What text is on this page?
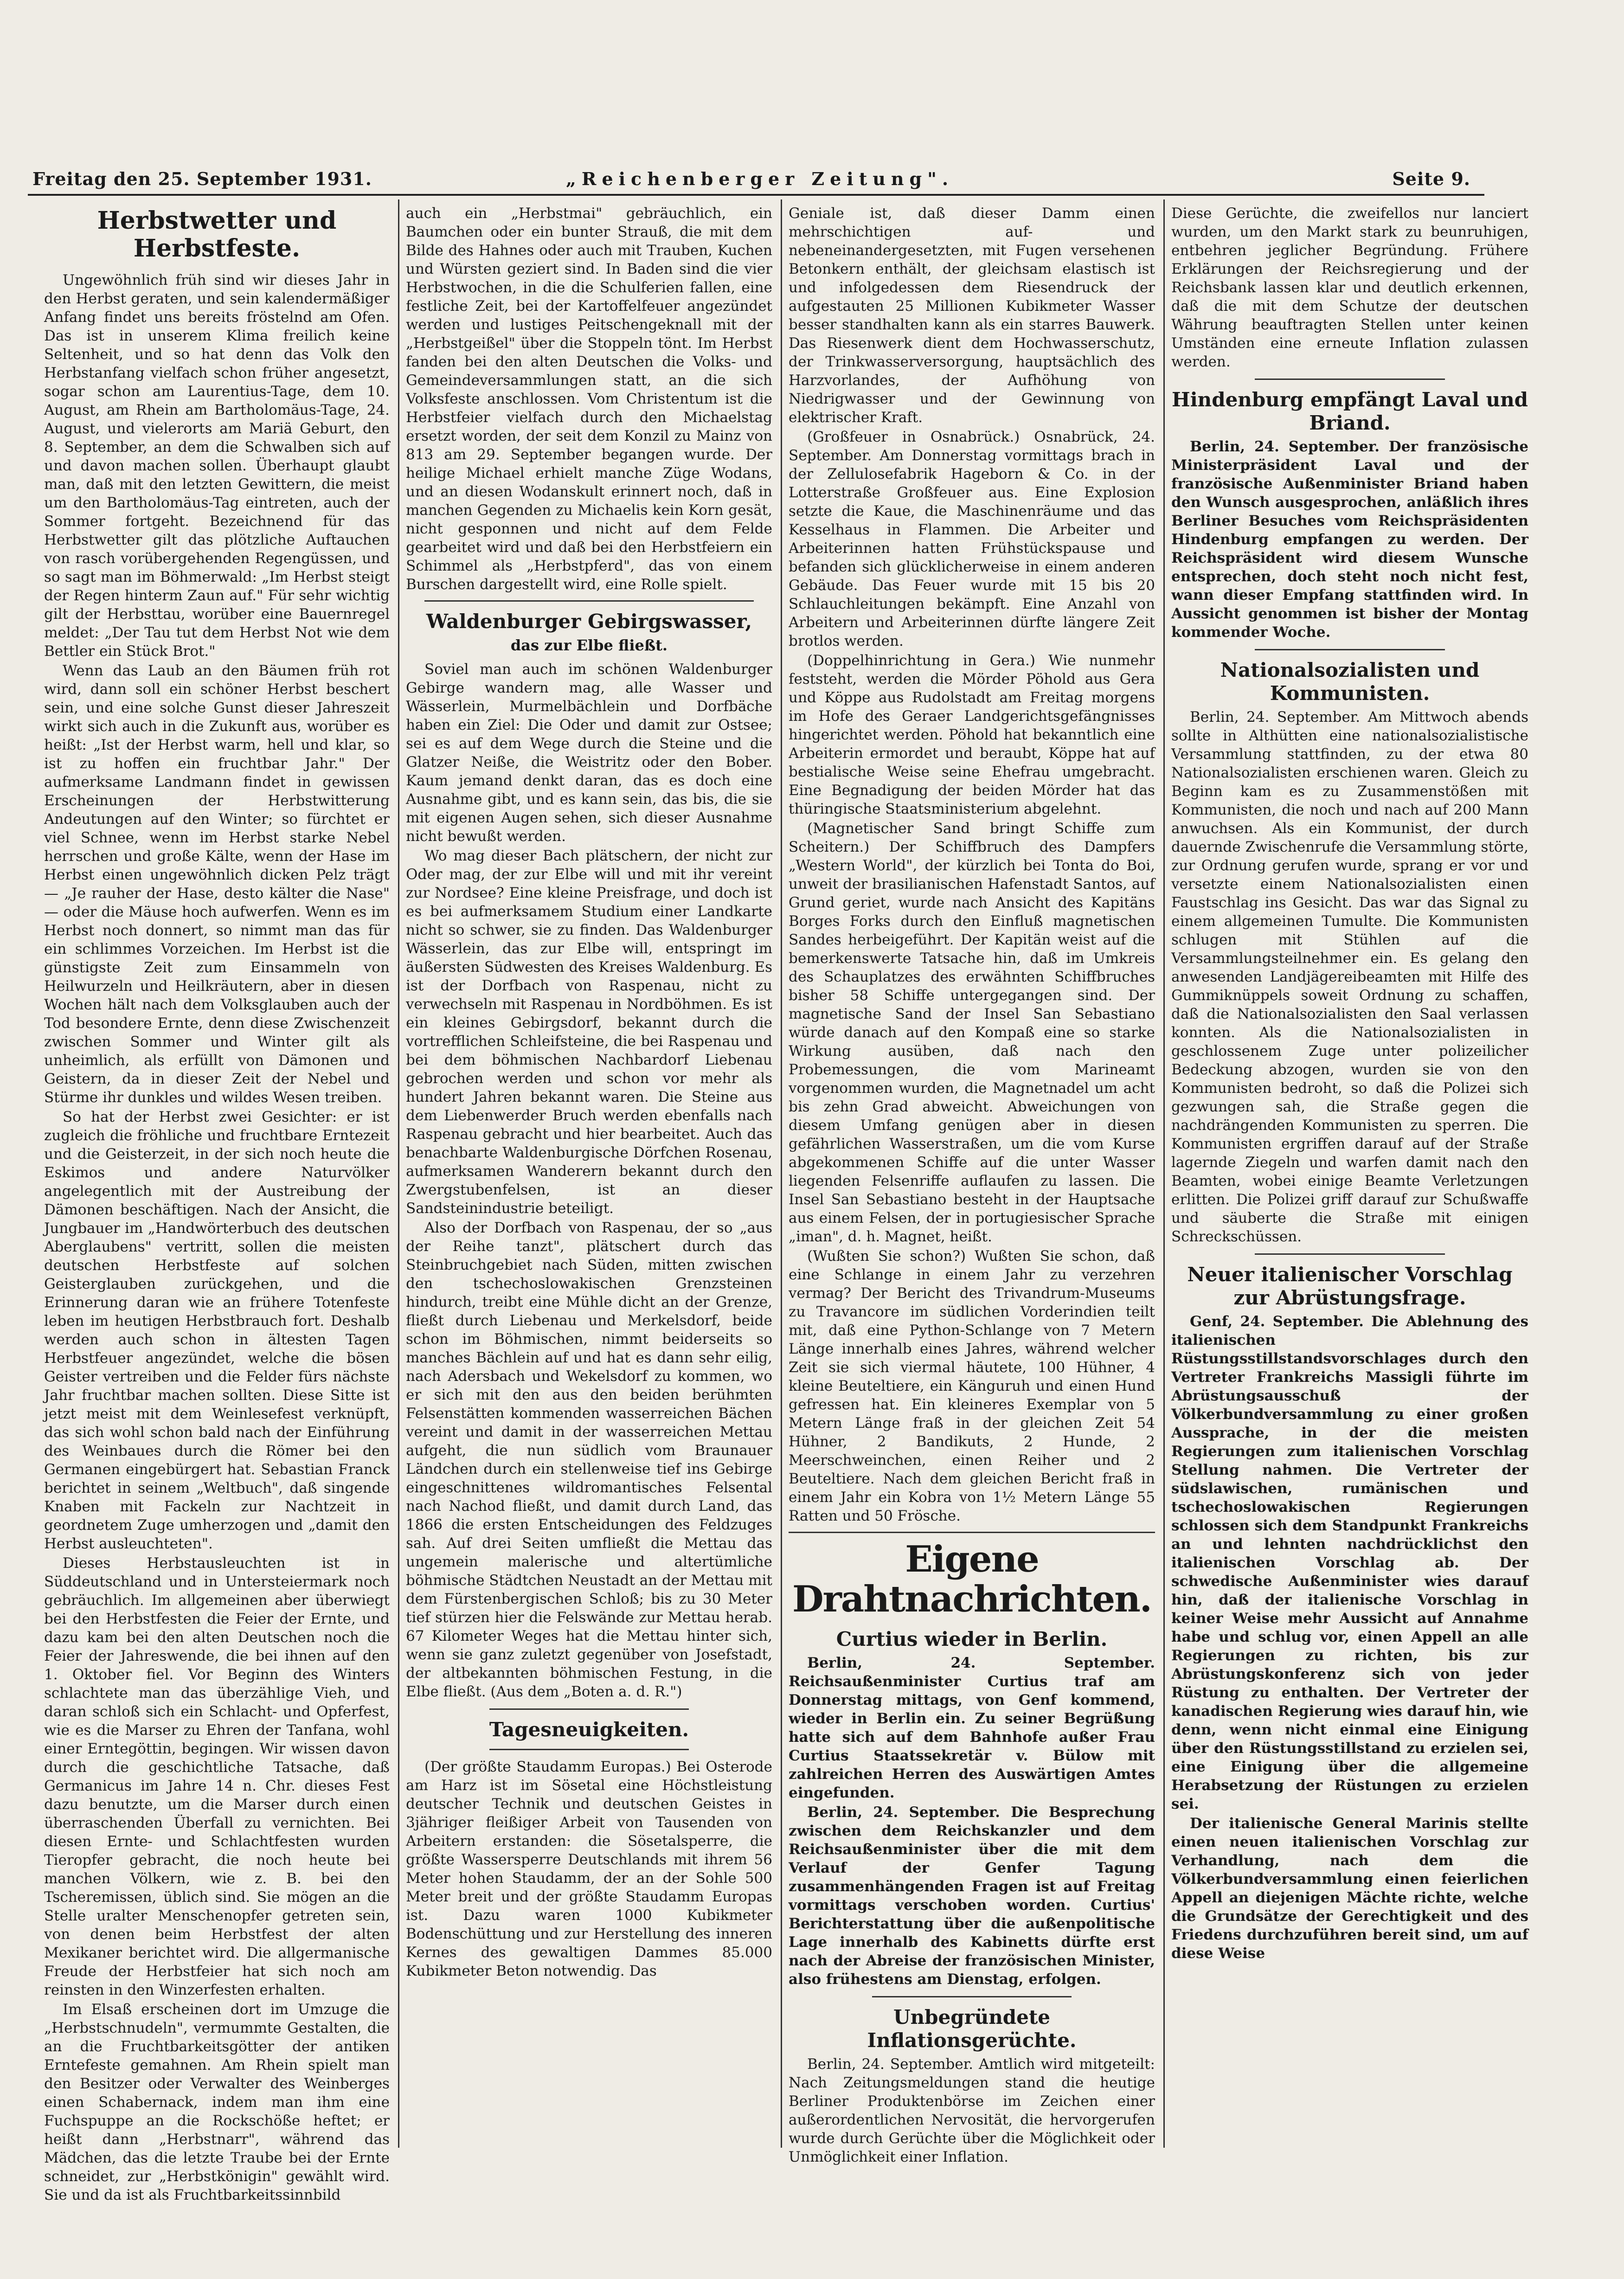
Freitag den 25. September 1931.	„Reichenberger Zeitung".	Seite 9.
Herbstwetter und Herbstfeste.

Ungewöhnlich früh sind wir dieses Jahr in den Herbst geraten, und sein kalendermäßiger Anfang findet uns bereits fröstelnd am Ofen. Das ist in unserem Klima freilich keine Seltenheit, und so hat denn das Volk den Herbstanfang vielfach schon früher angesetzt, sogar schon am Laurentius-Tage, dem 10. August, am Rhein am Bartholomäus-Tage, 24. August, und vielerorts am Mariä Geburt, den 8. September, an dem die Schwalben sich auf und davon machen sollen. Überhaupt glaubt man, daß mit den letzten Gewittern, die meist um den Bartholomäus-Tag eintreten, auch der Sommer fortgeht. Bezeichnend für das Herbstwetter gilt das plötzliche Auftauchen von rasch vorübergehenden Regengüssen, und so sagt man im Böhmerwald: „Im Herbst steigt der Regen hinterm Zaun auf." Für sehr wichtig gilt der Herbsttau, worüber eine Bauernregel meldet: „Der Tau tut dem Herbst Not wie dem Bettler ein Stück Brot."

Wenn das Laub an den Bäumen früh rot wird, dann soll ein schöner Herbst beschert sein, und eine solche Gunst dieser Jahreszeit wirkt sich auch in die Zukunft aus, worüber es heißt: „Ist der Herbst warm, hell und klar, so ist zu hoffen ein fruchtbar Jahr." Der aufmerksame Landmann findet in gewissen Erscheinungen der Herbstwitterung Andeutungen auf den Winter; so fürchtet er viel Schnee, wenn im Herbst starke Nebel herrschen und große Kälte, wenn der Hase im Herbst einen ungewöhnlich dicken Pelz trägt — „Je rauher der Hase, desto kälter die Nase" — oder die Mäuse hoch aufwerfen. Wenn es im Herbst noch donnert, so nimmt man das für ein schlimmes Vorzeichen. Im Herbst ist die günstigste Zeit zum Einsammeln von Heilwurzeln und Heilkräutern, aber in diesen Wochen hält nach dem Volksglauben auch der Tod besondere Ernte, denn diese Zwischenzeit zwischen Sommer und Winter gilt als unheimlich, als erfüllt von Dämonen und Geistern, da in dieser Zeit der Nebel und Stürme ihr dunkles und wildes Wesen treiben.

So hat der Herbst zwei Gesichter: er ist zugleich die fröhliche und fruchtbare Erntezeit und die Geisterzeit, in der sich noch heute die Eskimos und andere Naturvölker angelegentlich mit der Austreibung der Dämonen beschäftigen. Nach der Ansicht, die Jungbauer im „Handwörterbuch des deutschen Aberglaubens" vertritt, sollen die meisten deutschen Herbstfeste auf solchen Geisterglauben zurückgehen, und die Erinnerung daran wie an frühere Totenfeste leben im heutigen Herbstbrauch fort. Deshalb werden auch schon in ältesten Tagen Herbstfeuer angezündet, welche die bösen Geister vertreiben und die Felder fürs nächste Jahr fruchtbar machen sollten. Diese Sitte ist jetzt meist mit dem Weinlesefest verknüpft, das sich wohl schon bald nach der Einführung des Weinbaues durch die Römer bei den Germanen eingebürgert hat. Sebastian Franck berichtet in seinem „Weltbuch", daß singende Knaben mit Fackeln zur Nachtzeit in geordnetem Zuge umherzogen und „damit den Herbst ausleuchteten".

Dieses Herbstausleuchten ist in Süddeutschland und in Untersteiermark noch gebräuchlich. Im allgemeinen aber überwiegt bei den Herbstfesten die Feier der Ernte, und dazu kam bei den alten Deutschen noch die Feier der Jahreswende, die bei ihnen auf den 1. Oktober fiel. Vor Beginn des Winters schlachtete man das überzählige Vieh, und daran schloß sich ein Schlacht- und Opferfest, wie es die Marser zu Ehren der Tanfana, wohl einer Erntegöttin, begingen. Wir wissen davon durch die geschichtliche Tatsache, daß Germanicus im Jahre 14 n. Chr. dieses Fest dazu benutzte, um die Marser durch einen überraschenden Überfall zu vernichten. Bei diesen Ernte- und Schlachtfesten wurden Tieropfer gebracht, die noch heute bei manchen Völkern, wie z. B. bei den Tscheremissen, üblich sind. Sie mögen an die Stelle uralter Menschenopfer getreten sein, von denen beim Herbstfest der alten Mexikaner berichtet wird. Die allgermanische Freude der Herbstfeier hat sich noch am reinsten in den Winzerfesten erhalten.

Im Elsaß erscheinen dort im Umzuge die „Herbstschnudeln", vermummte Gestalten, die an die Fruchtbarkeitsgötter der antiken Erntefeste gemahnen. Am Rhein spielt man den Besitzer oder Verwalter des Weinberges einen Schabernack, indem man ihm eine Fuchspuppe an die Rockschöße heftet; er heißt dann „Herbstnarr", während das Mädchen, das die letzte Traube bei der Ernte schneidet, zur „Herbstkönigin" gewählt wird. Sie und da ist als Fruchtbarkeitssinnbild

auch ein „Herbstmai" gebräuchlich, ein Baumchen oder ein bunter Strauß, die mit dem Bilde des Hahnes oder auch mit Trauben, Kuchen und Würsten geziert sind. In Baden sind die vier Herbstwochen, in die die Schulferien fallen, eine festliche Zeit, bei der Kartoffelfeuer angezündet werden und lustiges Peitschengeknall mit der „Herbstgeißel" über die Stoppeln tönt. Im Herbst fanden bei den alten Deutschen die Volks- und Gemeindeversammlungen statt, an die sich Volksfeste anschlossen. Vom Christentum ist die Herbstfeier vielfach durch den Michaelstag ersetzt worden, der seit dem Konzil zu Mainz von 813 am 29. September begangen wurde. Der heilige Michael erhielt manche Züge Wodans, und an diesen Wodanskult erinnert noch, daß in manchen Gegenden zu Michaelis kein Korn gesät, nicht gesponnen und nicht auf dem Felde gearbeitet wird und daß bei den Herbstfeiern ein Schimmel als „Herbstpferd", das von einem Burschen dargestellt wird, eine Rolle spielt.

Waldenburger Gebirgswasser,
das zur Elbe fließt.

Soviel man auch im schönen Waldenburger Gebirge wandern mag, alle Wasser und Wässerlein, Murmelbächlein und Dorfbäche haben ein Ziel: Die Oder und damit zur Ostsee; sei es auf dem Wege durch die Steine und die Glatzer Neiße, die Weistritz oder den Bober. Kaum jemand denkt daran, das es doch eine Ausnahme gibt, und es kann sein, das bis, die sie mit eigenen Augen sehen, sich dieser Ausnahme nicht bewußt werden.

Wo mag dieser Bach plätschern, der nicht zur Oder mag, der zur Elbe will und mit ihr vereint zur Nordsee? Eine kleine Preisfrage, und doch ist es bei aufmerksamem Studium einer Landkarte nicht so schwer, sie zu finden. Das Waldenburger Wässerlein, das zur Elbe will, entspringt im äußersten Südwesten des Kreises Waldenburg. Es ist der Dorfbach von Raspenau, nicht zu verwechseln mit Raspenau in Nordböhmen. Es ist ein kleines Gebirgsdorf, bekannt durch die vortrefflichen Schleifsteine, die bei Raspenau und bei dem böhmischen Nachbardorf Liebenau gebrochen werden und schon vor mehr als hundert Jahren bekannt waren. Die Steine aus dem Liebenwerder Bruch werden ebenfalls nach Raspenau gebracht und hier bearbeitet. Auch das benachbarte Waldenburgische Dörfchen Rosenau, aufmerksamen Wanderern bekannt durch den Zwergstubenfelsen, ist an dieser Sandsteinindustrie beteiligt.

Also der Dorfbach von Raspenau, der so „aus der Reihe tanzt", plätschert durch das Steinbruchgebiet nach Süden, mitten zwischen den tschechoslowakischen Grenzsteinen hindurch, treibt eine Mühle dicht an der Grenze, fließt durch Liebenau und Merkelsdorf, beide schon im Böhmischen, nimmt beiderseits so manches Bächlein auf und hat es dann sehr eilig, nach Adersbach und Wekelsdorf zu kommen, wo er sich mit den aus den beiden berühmten Felsenstätten kommenden wasserreichen Bächen vereint und damit in der wasserreichen Mettau aufgeht, die nun südlich vom Braunauer Ländchen durch ein stellenweise tief ins Gebirge eingeschnittenes wildromantisches Felsental nach Nachod fließt, und damit durch Land, das 1866 die ersten Entscheidungen des Feldzuges sah. Auf drei Seiten umfließt die Mettau das ungemein malerische und altertümliche böhmische Städtchen Neustadt an der Mettau mit dem Fürstenbergischen Schloß; bis zu 30 Meter tief stürzen hier die Felswände zur Mettau herab. 67 Kilometer Weges hat die Mettau hinter sich, wenn sie ganz zuletzt gegenüber von Josefstadt, der altbekannten böhmischen Festung, in die Elbe fließt. (Aus dem „Boten a. d. R.")

Tagesneuigkeiten.

(Der größte Staudamm Europas.) Bei Osterode am Harz ist im Sösetal eine Höchstleistung deutscher Technik und deutschen Geistes in 3jähriger fleißiger Arbeit von Tausenden von Arbeitern erstanden: die Sösetalsperre, die größte Wassersperre Deutschlands mit ihrem 56 Meter hohen Staudamm, der an der Sohle 500 Meter breit und der größte Staudamm Europas ist. Dazu waren 1000 Kubikmeter Bodenschüttung und zur Herstellung des inneren Kernes des gewaltigen Dammes 85.000 Kubikmeter Beton notwendig. Das

Geniale ist, daß dieser Damm einen mehrschichtigen auf- und nebeneinandergesetzten, mit Fugen versehenen Betonkern enthält, der gleichsam elastisch ist und infolgedessen dem Riesendruck der aufgestauten 25 Millionen Kubikmeter Wasser besser standhalten kann als ein starres Bauwerk. Das Riesenwerk dient dem Hochwasserschutz, der Trinkwasserversorgung, hauptsächlich des Harzvorlandes, der Aufhöhung von Niedrigwasser und der Gewinnung von elektrischer Kraft.

(Großfeuer in Osnabrück.) Osnabrück, 24. September. Am Donnerstag vormittags brach in der Zellulosefabrik Hageborn & Co. in der Lotterstraße Großfeuer aus. Eine Explosion setzte die Kaue, die Maschinenräume und das Kesselhaus in Flammen. Die Arbeiter und Arbeiterinnen hatten Frühstückspause und befanden sich glücklicherweise in einem anderen Gebäude. Das Feuer wurde mit 15 bis 20 Schlauchleitungen bekämpft. Eine Anzahl von Arbeitern und Arbeiterinnen dürfte längere Zeit brotlos werden.

(Doppelhinrichtung in Gera.) Wie nunmehr feststeht, werden die Mörder Pöhold aus Gera und Köppe aus Rudolstadt am Freitag morgens im Hofe des Geraer Landgerichtsgefängnisses hingerichtet werden. Pöhold hat bekanntlich eine Arbeiterin ermordet und beraubt, Köppe hat auf bestialische Weise seine Ehefrau umgebracht. Eine Begnadigung der beiden Mörder hat das thüringische Staatsministerium abgelehnt.

(Magnetischer Sand bringt Schiffe zum Scheitern.) Der Schiffbruch des Dampfers „Western World", der kürzlich bei Tonta do Boi, unweit der brasilianischen Hafenstadt Santos, auf Grund geriet, wurde nach Ansicht des Kapitäns Borges Forks durch den Einfluß magnetischen Sandes herbeigeführt. Der Kapitän weist auf die bemerkenswerte Tatsache hin, daß im Umkreis des Schauplatzes des erwähnten Schiffbruches bisher 58 Schiffe untergegangen sind. Der magnetische Sand der Insel San Sebastiano würde danach auf den Kompaß eine so starke Wirkung ausüben, daß nach den Probemessungen, die vom Marineamt vorgenommen wurden, die Magnetnadel um acht bis zehn Grad abweicht. Abweichungen von diesem Umfang genügen aber in diesen gefährlichen Wasserstraßen, um die vom Kurse abgekommenen Schiffe auf die unter Wasser liegenden Felsenriffe auflaufen zu lassen. Die Insel San Sebastiano besteht in der Hauptsache aus einem Felsen, der in portugiesischer Sprache „iman", d. h. Magnet, heißt.

(Wußten Sie schon?) Wußten Sie schon, daß eine Schlange in einem Jahr zu verzehren vermag? Der Bericht des Trivandrum-Museums zu Travancore im südlichen Vorderindien teilt mit, daß eine Python-Schlange von 7 Metern Länge innerhalb eines Jahres, während welcher Zeit sie sich viermal häutete, 100 Hühner, 4 kleine Beuteltiere, ein Känguruh und einen Hund gefressen hat. Ein kleineres Exemplar von 5 Metern Länge fraß in der gleichen Zeit 54 Hühner, 2 Bandikuts, 2 Hunde, 2 Meerschweinchen, einen Reiher und 2 Beuteltiere. Nach dem gleichen Bericht fraß in einem Jahr ein Kobra von 1½ Metern Länge 55 Ratten und 50 Frösche.

Eigene Drahtnachrichten.
Curtius wieder in Berlin.

Berlin, 24. September. Reichsaußenminister Curtius traf am Donnerstag mittags, von Genf kommend, wieder in Berlin ein. Zu seiner Begrüßung hatte sich auf dem Bahnhofe außer Frau Curtius Staatssekretär v. Bülow mit zahlreichen Herren des Auswärtigen Amtes eingefunden.

Berlin, 24. September. Die Besprechung zwischen dem Reichskanzler und dem Reichsaußenminister über die mit dem Verlauf der Genfer Tagung zusammenhängenden Fragen ist auf Freitag vormittags verschoben worden. Curtius' Berichterstattung über die außenpolitische Lage innerhalb des Kabinetts dürfte erst nach der Abreise der französischen Minister, also frühestens am Dienstag, erfolgen.

Unbegründete Inflationsgerüchte.

Berlin, 24. September. Amtlich wird mitgeteilt: Nach Zeitungsmeldungen stand die heutige Berliner Produktenbörse im Zeichen einer außerordentlichen Nervosität, die hervorgerufen wurde durch Gerüchte über die Möglichkeit oder Unmöglichkeit einer Inflation.

Diese Gerüchte, die zweifellos nur lanciert wurden, um den Markt stark zu beunruhigen, entbehren jeglicher Begründung. Frühere Erklärungen der Reichsregierung und der Reichsbank lassen klar und deutlich erkennen, daß die mit dem Schutze der deutschen Währung beauftragten Stellen unter keinen Umständen eine erneute Inflation zulassen werden.

Hindenburg empfängt Laval und Briand.

Berlin, 24. September. Der französische Ministerpräsident Laval und der französische Außenminister Briand haben den Wunsch ausgesprochen, anläßlich ihres Berliner Besuches vom Reichspräsidenten Hindenburg empfangen zu werden. Der Reichspräsident wird diesem Wunsche entsprechen, doch steht noch nicht fest, wann dieser Empfang stattfinden wird. In Aussicht genommen ist bisher der Montag kommender Woche.

Nationalsozialisten und Kommunisten.

Berlin, 24. September. Am Mittwoch abends sollte in Althütten eine nationalsozialistische Versammlung stattfinden, zu der etwa 80 Nationalsozialisten erschienen waren. Gleich zu Beginn kam es zu Zusammenstößen mit Kommunisten, die noch und nach auf 200 Mann anwuchsen. Als ein Kommunist, der durch dauernde Zwischenrufe die Versammlung störte, zur Ordnung gerufen wurde, sprang er vor und versetzte einem Nationalsozialisten einen Faustschlag ins Gesicht. Das war das Signal zu einem allgemeinen Tumulte. Die Kommunisten schlugen mit Stühlen auf die Versammlungsteilnehmer ein. Es gelang den anwesenden Landjägereibeamten mit Hilfe des Gummiknüppels soweit Ordnung zu schaffen, daß die Nationalsozialisten den Saal verlassen konnten. Als die Nationalsozialisten in geschlossenem Zuge unter polizeilicher Bedeckung abzogen, wurden sie von den Kommunisten bedroht, so daß die Polizei sich gezwungen sah, die Straße gegen die nachdrängenden Kommunisten zu sperren. Die Kommunisten ergriffen darauf auf der Straße lagernde Ziegeln und warfen damit nach den Beamten, wobei einige Beamte Verletzungen erlitten. Die Polizei griff darauf zur Schußwaffe und säuberte die Straße mit einigen Schreckschüssen.

Neuer italienischer Vorschlag zur Abrüstungsfrage.

Genf, 24. September. Die Ablehnung des italienischen Rüstungsstillstandsvorschlages durch den Vertreter Frankreichs Massigli führte im Abrüstungsausschuß der Völkerbundversammlung zu einer großen Aussprache, in der die meisten Regierungen zum italienischen Vorschlag Stellung nahmen. Die Vertreter der südslawischen, rumänischen und tschechoslowakischen Regierungen schlossen sich dem Standpunkt Frankreichs an und lehnten nachdrücklichst den italienischen Vorschlag ab. Der schwedische Außenminister wies darauf hin, daß der italienische Vorschlag in keiner Weise mehr Aussicht auf Annahme habe und schlug vor, einen Appell an alle Regierungen zu richten, bis zur Abrüstungskonferenz sich von jeder Rüstung zu enthalten. Der Vertreter der kanadischen Regierung wies darauf hin, wie denn, wenn nicht einmal eine Einigung über den Rüstungsstillstand zu erzielen sei, eine Einigung über die allgemeine Herabsetzung der Rüstungen zu erzielen sei.

Der italienische General Marinis stellte einen neuen italienischen Vorschlag zur Verhandlung, nach dem die Völkerbundversammlung einen feierlichen Appell an diejenigen Mächte richte, welche die Grundsätze der Gerechtigkeit und des Friedens durchzuführen bereit sind, um auf diese Weise
